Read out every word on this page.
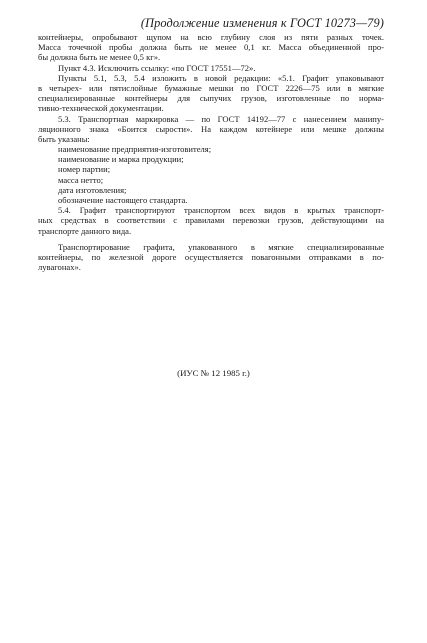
(Продолжение изменения к ГОСТ 10273—79)
контейнеры, опробывают щупом на всю глубину слоя из пяти разных точек.
Масса точечной пробы должна быть не менее 0,1 кг. Масса объединенной про-
бы должна быть не менее 0,5 кг».
Пункт 4.3. Исключить ссылку: «по ГОСТ 17551—72».
Пункты 5.1, 5.3, 5.4 изложить в новой редакции: «5.1. Графит упаковывают
в четырех- или пятислойные бумажные мешки по ГОСТ 2226—75 или в мягкие
специализированные контейнеры для сыпучих грузов, изготовленные по норма-
тивно-технической документации.
5.3. Транспортная маркировка — по ГОСТ 14192—77 с нанесением манипу-
ляционного знака «Боится сырости». На каждом котейнере или мешке должны
быть указаны:
наименование предприятия-изготовителя;
наименование и марка продукции;
номер партии;
масса нетто;
дата изготовления;
обозначение настоящего стандарта.
5.4. Графит транспортируют транспортом всех видов в крытых транспорт-
ных средствах в соответствии с правилами перевозки грузов, действующими на
транспорте данного вида.
Транспортирование графита, упакованного в мягкие специализированные
контейнеры, по железной дороге осуществляется повагонными отправками в по-
лувагонах».
(ИУС № 12 1985 г.)
